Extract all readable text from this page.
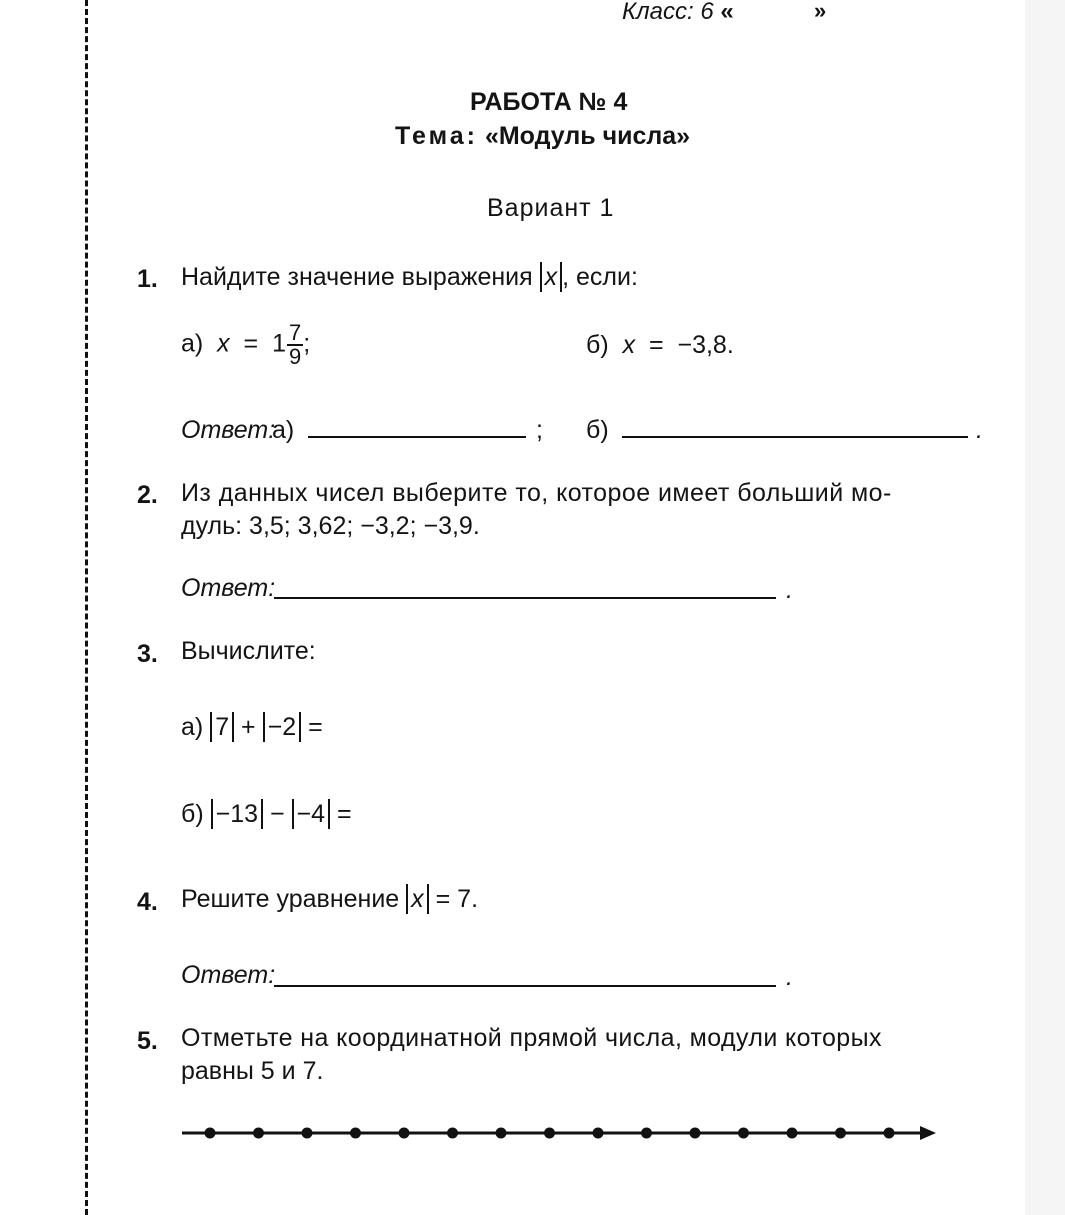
Класс: 6 «	»
РАБОТА № 4
Тема: «Модуль числа»
Вариант 1
1. Найдите значение выражения x , если:
а) $x = 1 \frac{7}{9}$ ;	б) x = −3,8.
Ответ:
а)	; б)	.
2. Из данных чисел выберите то, которое имеет больший мо-
дуль: 3,5; 3,62; −3,2; −3,9.
Ответ:	.
3. Вычислите:
а) 7 + −2 =
б) −13 − −4 =
4. Решите уравнение x = 7.
Ответ:	.
5. Отметьте на координатной прямой числа, модули которых
равны 5 и 7.
